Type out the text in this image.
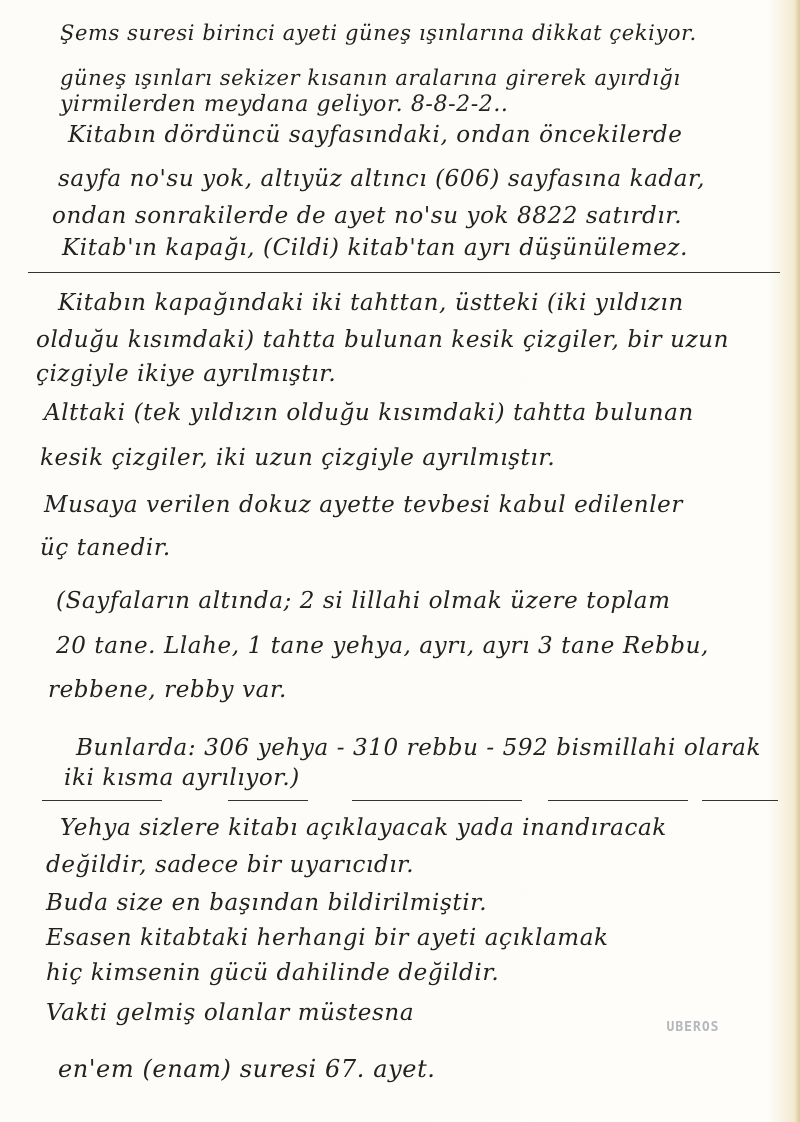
Şems suresi birinci ayeti güneş ışınlarına dikkat çekiyor.
güneş ışınları sekizer kısanın aralarına girerek ayırdığı
yirmilerden meydana geliyor. 8-8-2-2..
Kitabın dördüncü sayfasındaki, ondan öncekilerde
sayfa no'su yok, altıyüz altıncı (606) sayfasına kadar,
ondan sonrakilerde de ayet no'su yok 8822 satırdır.
Kitab'ın kapağı, (Cildi) kitab'tan ayrı düşünülemez.
Kitabın kapağındaki iki tahttan, üstteki (iki yıldızın
olduğu kısımdaki) tahtta bulunan kesik çizgiler, bir uzun
çizgiyle ikiye ayrılmıştır.
Alttaki (tek yıldızın olduğu kısımdaki) tahtta bulunan
kesik çizgiler, iki uzun çizgiyle ayrılmıştır.
Musaya verilen dokuz ayette tevbesi kabul edilenler
üç tanedir.
(Sayfaların altında; 2 si lillahi olmak üzere toplam
20 tane. Llahe, 1 tane yehya, ayrı, ayrı 3 tane Rebbu,
rebbene, rebby var.
Bunlarda: 306 yehya - 310 rebbu - 592 bismillahi olarak
iki kısma ayrılıyor.)
Yehya sizlere kitabı açıklayacak yada inandıracak
değildir, sadece bir uyarıcıdır.
Buda size en başından bildirilmiştir.
Esasen kitabtaki herhangi bir ayeti açıklamak
hiç kimsenin gücü dahilinde değildir.
Vakti gelmiş olanlar müstesna
en'em (enam) suresi 67. ayet.
UBEROS
